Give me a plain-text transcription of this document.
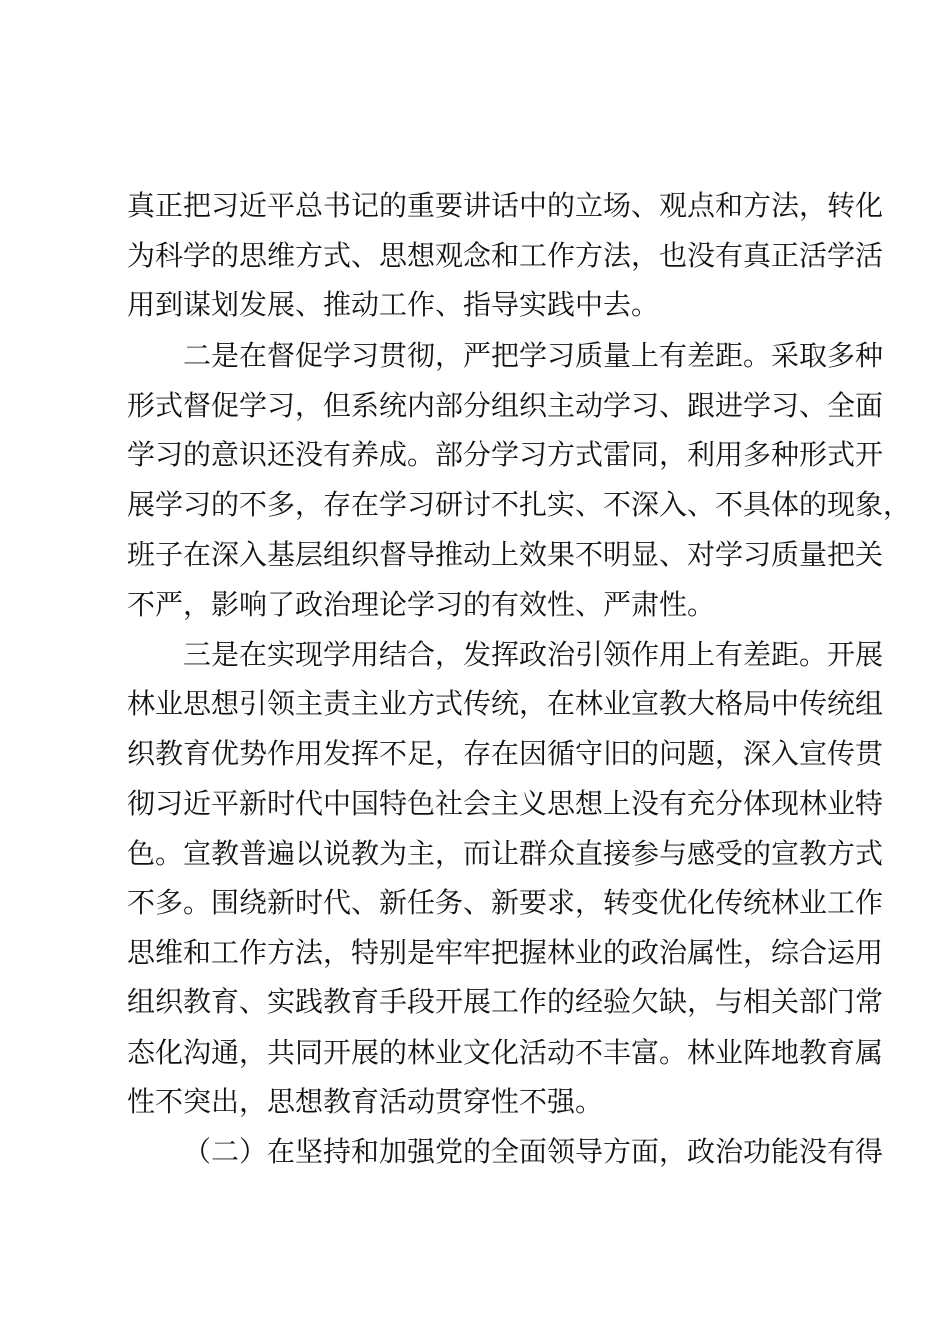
真正把习近平总书记的重要讲话中的立场、观点和方法，转化
为科学的思维方式、思想观念和工作方法，也没有真正活学活
用到谋划发展、推动工作、指导实践中去。
二是在督促学习贯彻，严把学习质量上有差距。采取多种
形式督促学习，但系统内部分组织主动学习、跟进学习、全面
学习的意识还没有养成。部分学习方式雷同，利用多种形式开
展学习的不多，存在学习研讨不扎实、不深入、不具体的现象，
班子在深入基层组织督导推动上效果不明显、对学习质量把关
不严，影响了政治理论学习的有效性、严肃性。
三是在实现学用结合，发挥政治引领作用上有差距。开展
林业思想引领主责主业方式传统，在林业宣教大格局中传统组
织教育优势作用发挥不足，存在因循守旧的问题，深入宣传贯
彻习近平新时代中国特色社会主义思想上没有充分体现林业特
色。宣教普遍以说教为主，而让群众直接参与感受的宣教方式
不多。围绕新时代、新任务、新要求，转变优化传统林业工作
思维和工作方法，特别是牢牢把握林业的政治属性，综合运用
组织教育、实践教育手段开展工作的经验欠缺，与相关部门常
态化沟通，共同开展的林业文化活动不丰富。林业阵地教育属
性不突出，思想教育活动贯穿性不强。
（二）在坚持和加强党的全面领导方面，政治功能没有得
